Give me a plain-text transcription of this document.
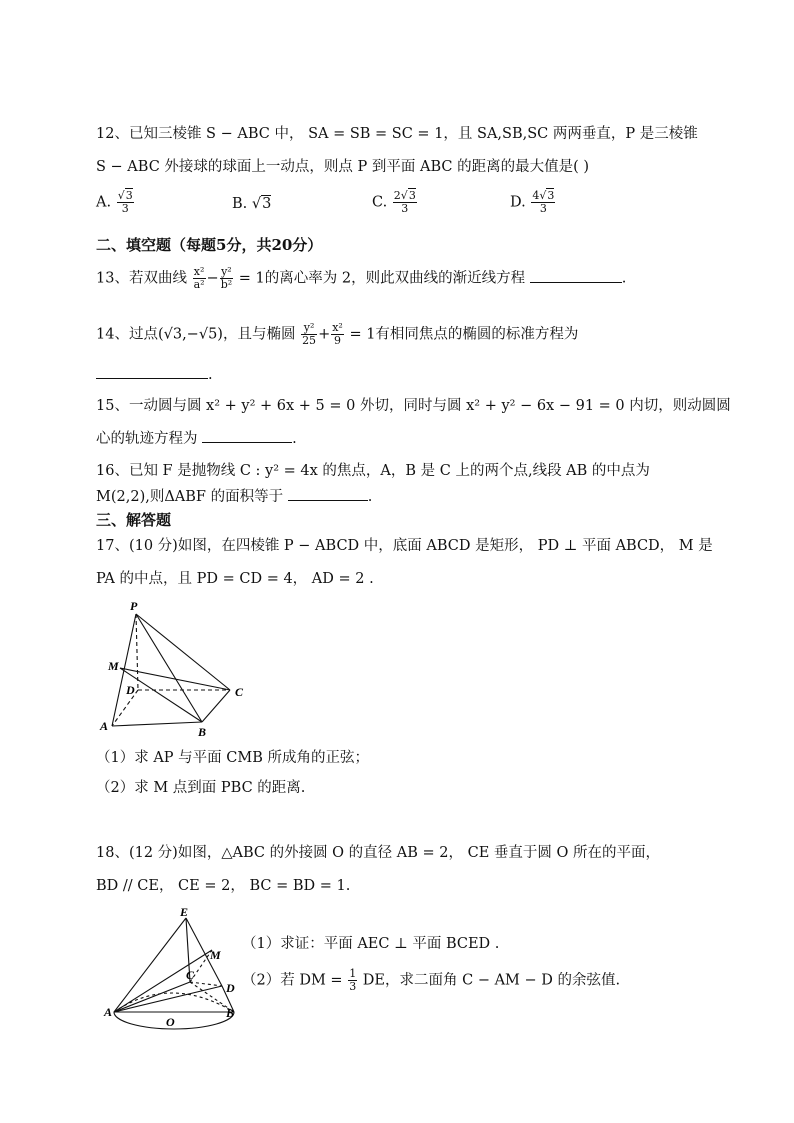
12、已知三棱锥 S − ABC 中， SA = SB = SC = 1，且 SA,SB,SC 两两垂直，P 是三棱锥
S − ABC 外接球的球面上一动点，则点 P 到平面 ABC 的距离的最大值是( )
A. $\frac{√3}{3}$	B. √3	C. $\frac{2√3}{3}$	D. $\frac{4√3}{3}$
二、填空题（每题5分，共20分）
13、若双曲线 $\frac{\text{x²}}{\text{a²}} - \frac{\text{y²}}{\text{b²}} = 1$的离心率为 2，则此双曲线的渐近线方程	.
14、过点(√3,−√5)，且与椭圆 $\frac{\text{y²}}{25} + \frac{\text{x²}}{9} = 1$有相同焦点的椭圆的标准方程为
.
15、一动圆与圆 x² + y² + 6x + 5 = 0 外切，同时与圆 x² + y² − 6x − 91 = 0 内切，则动圆圆
心的轨迹方程为	.
16、已知 F 是抛物线 C : y² = 4x 的焦点，A，B 是 C 上的两个点,线段 AB 的中点为
M(2,2),则ΔABF 的面积等于	.
三、解答题
17、(10 分)如图，在四棱锥 P − ABCD 中，底面 ABCD 是矩形， PD ⊥ 平面 ABCD， M 是
PA 的中点，且 PD = CD = 4， AD = 2 .
P
M
D	C
A	B
（1）求 AP 与平面 CMB 所成角的正弦；
（2）求 M 点到面 PBC 的距离.
18、(12 分)如图，△ABC 的外接圆 O 的直径 AB = 2， CE 垂直于圆 O 所在的平面，
BD // CE， CE = 2， BC = BD = 1.
E
M
C
D
A
O
B
（1）求证：平面 AEC ⊥ 平面 BCED .
（2）若 DM = $\frac{1}{3}$ DE，求二面角 C − AM − D 的余弦值.
